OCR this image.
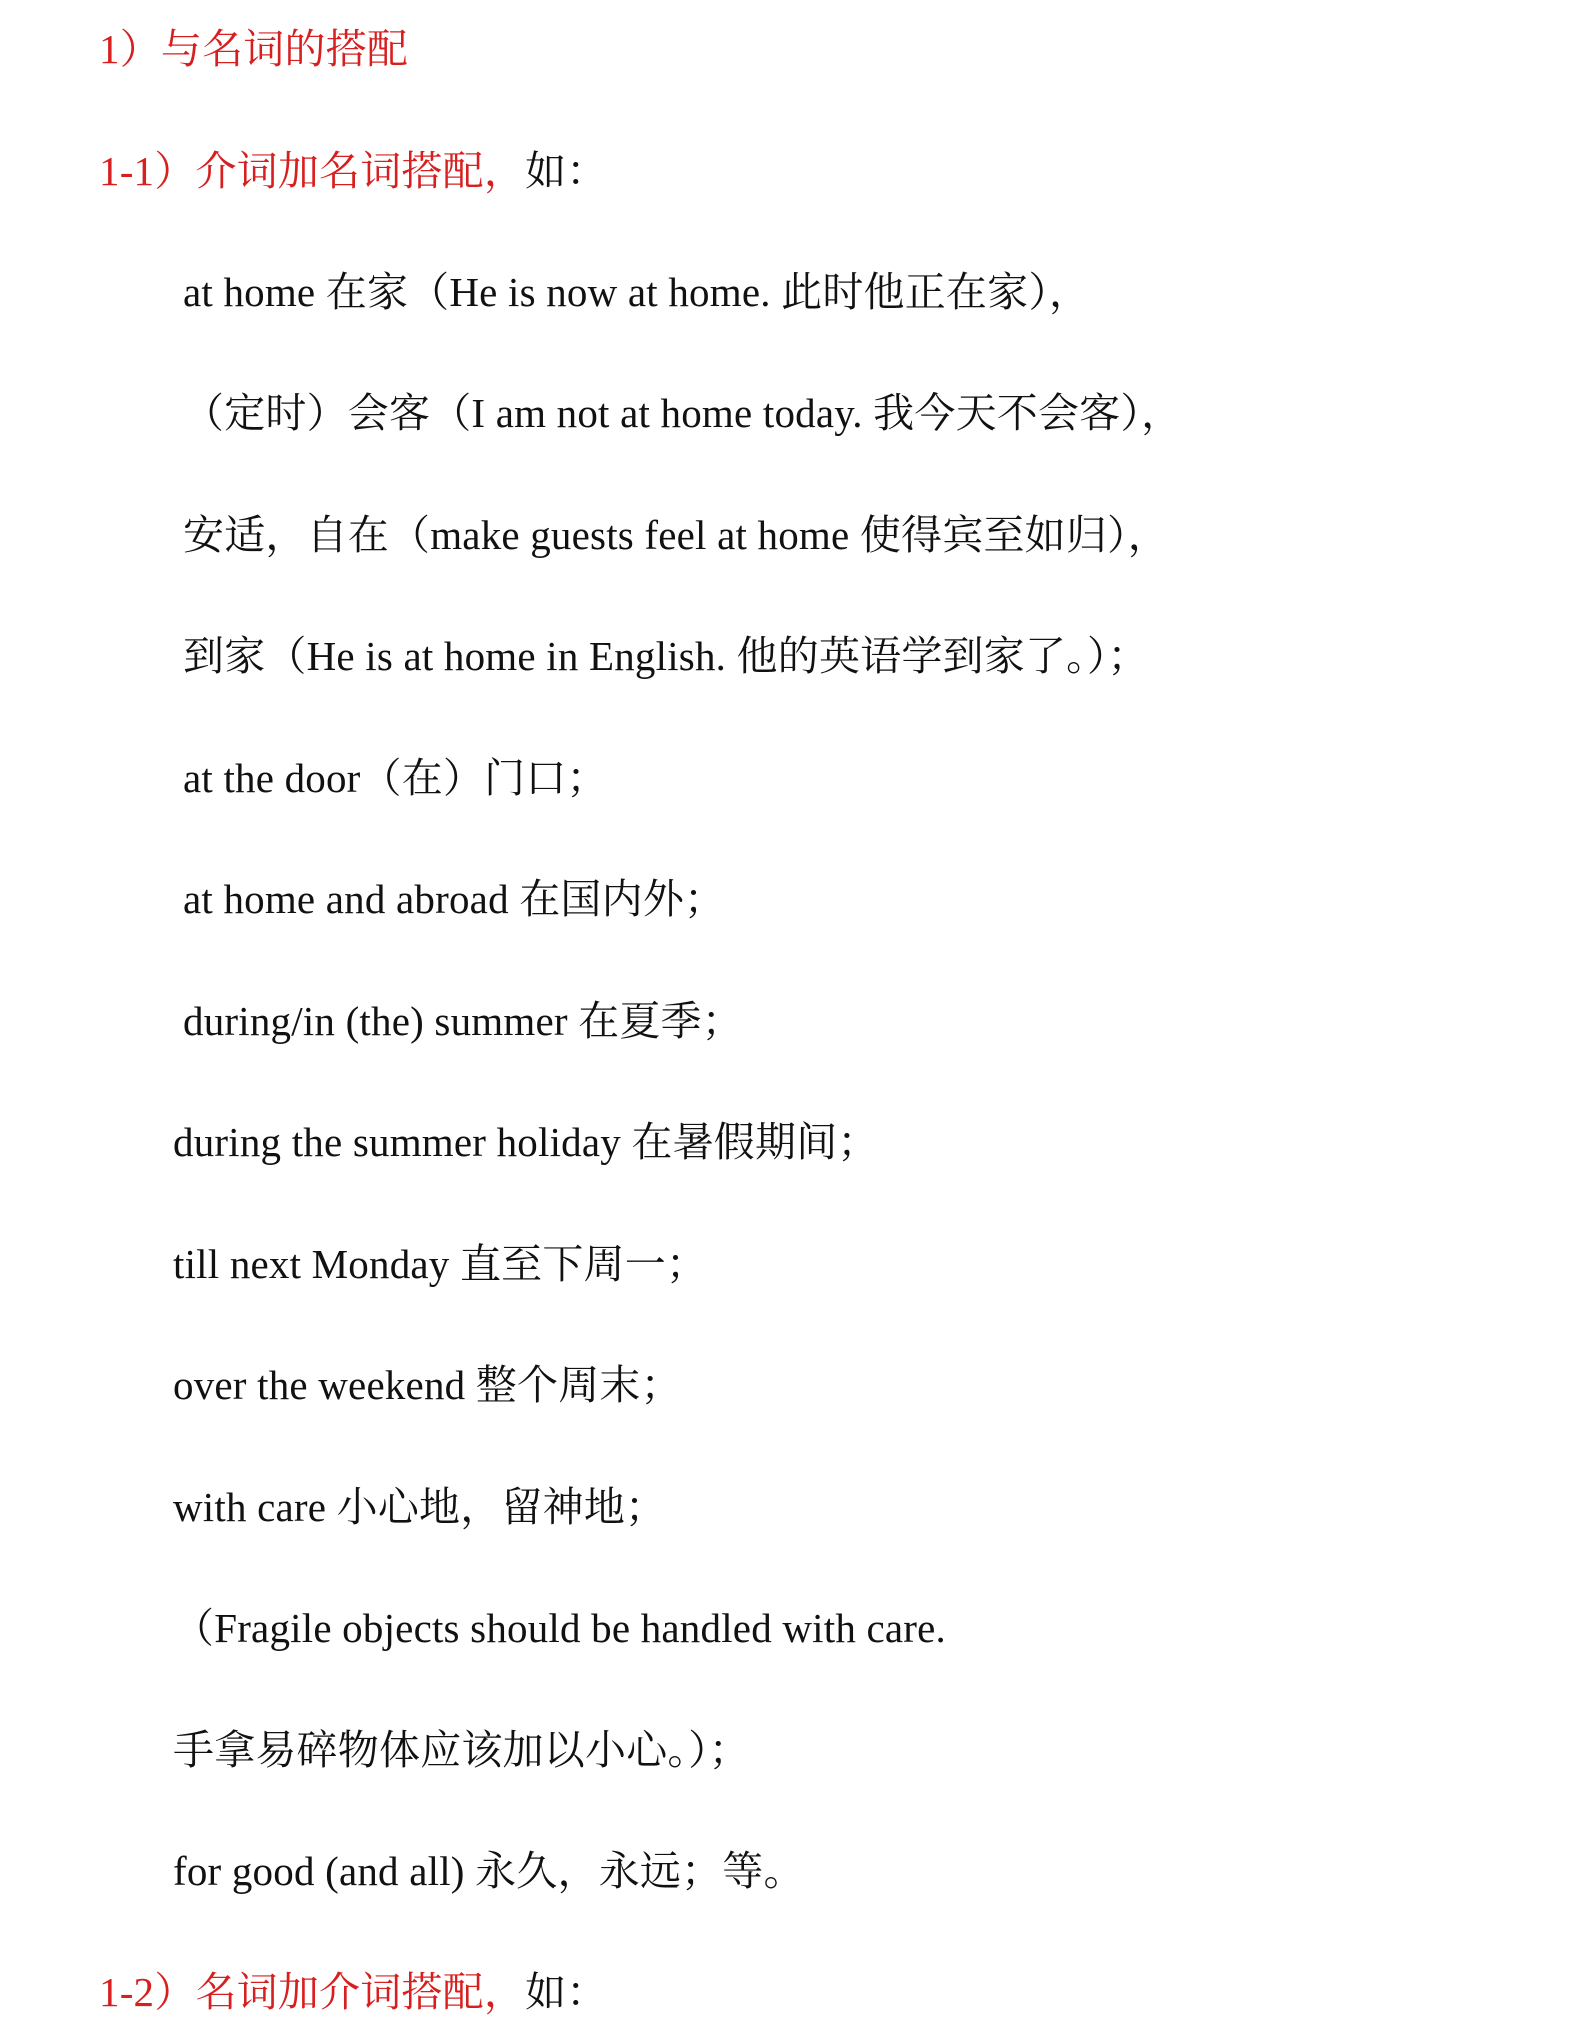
1）与名词的搭配
1-1）介词加名词搭配，如：
at home 在家（He is now at home. 此时他正在家），
（定时）会客（I am not at home today. 我今天不会客），
安适，自在（make guests feel at home 使得宾至如归），
到家（He is at home in English. 他的英语学到家了。）；
at the door（在）门口；
at home and abroad 在国内外；
during/in (the) summer 在夏季；
during the summer holiday 在暑假期间；
till next Monday 直至下周一；
over the weekend 整个周末；
with care 小心地，留神地；
（Fragile objects should be handled with care.
手拿易碎物体应该加以小心。）；
for good (and all) 永久，永远；等。
1-2）名词加介词搭配，如：
